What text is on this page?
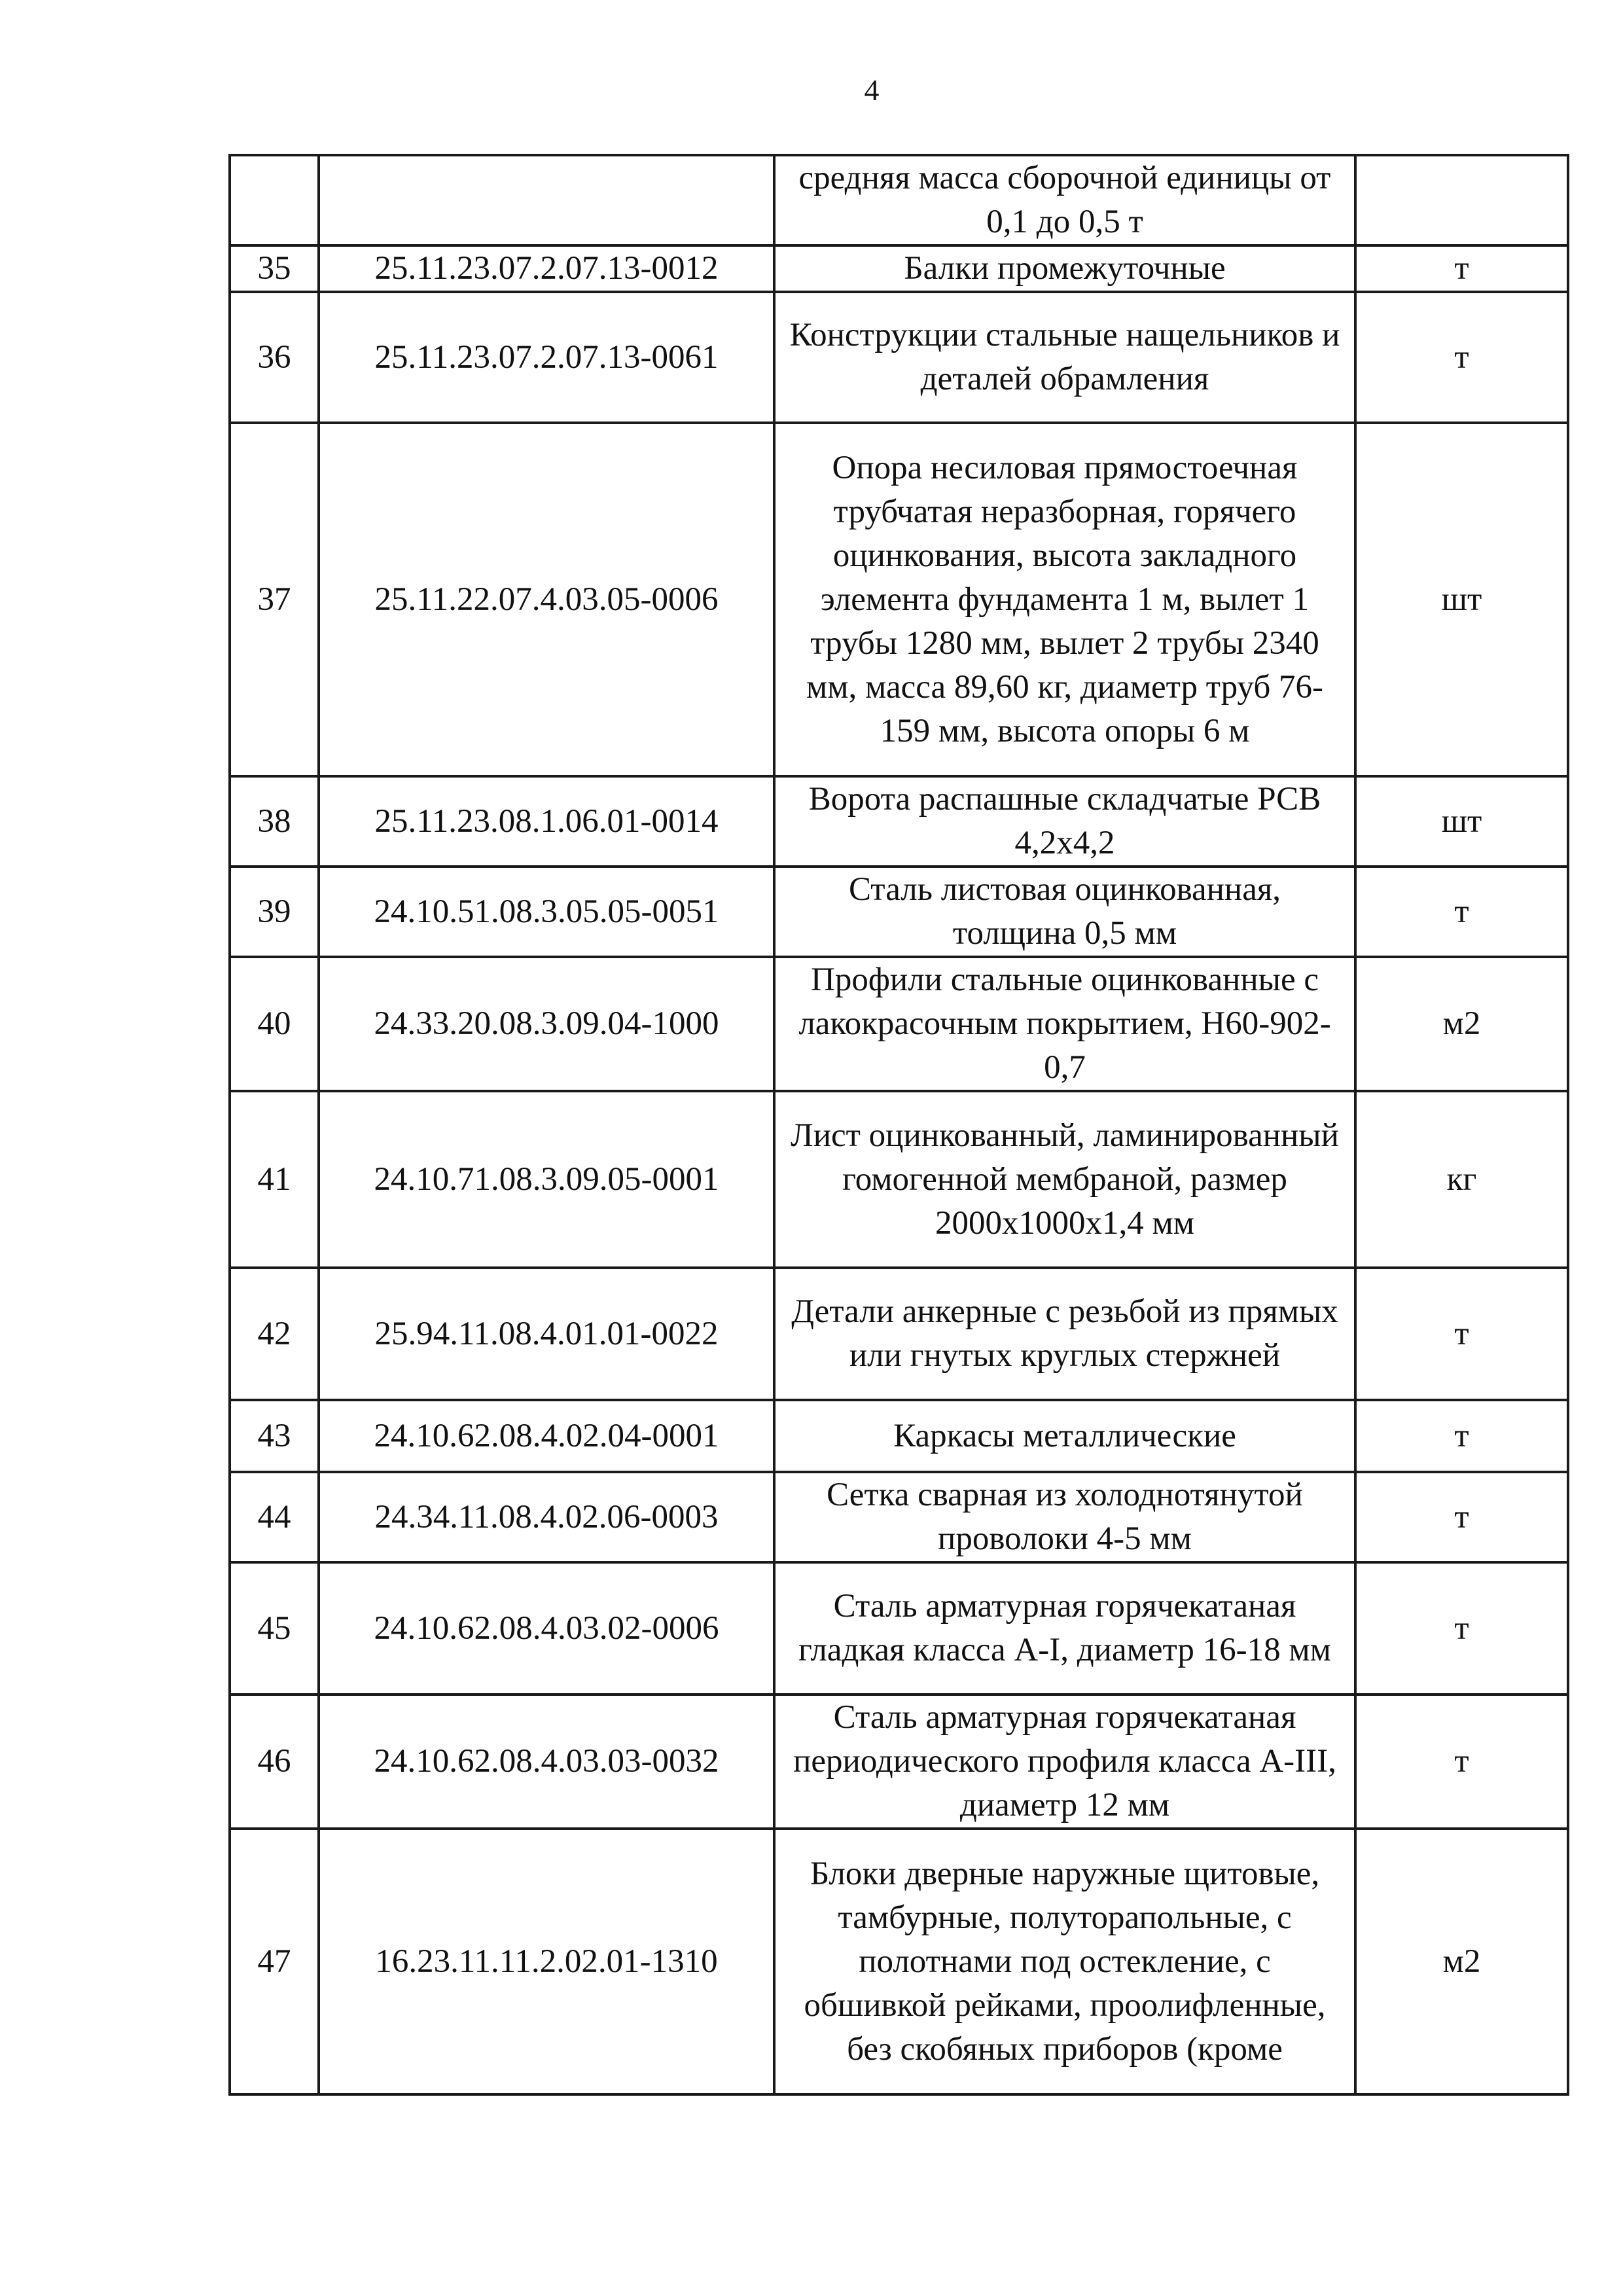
4
		средняя масса сборочной единицы от 0,1 до 0,5 т	
35	25.11.23.07.2.07.13-0012	Балки промежуточные	т
36	25.11.23.07.2.07.13-0061	Конструкции стальные нащельников и деталей обрамления	т
37	25.11.22.07.4.03.05-0006	Опора несиловая прямостоечная трубчатая неразборная, горячего оцинкования, высота закладного элемента фундамента 1 м, вылет 1 трубы 1280 мм, вылет 2 трубы 2340 мм, масса 89,60 кг, диаметр труб 76-159 мм, высота опоры 6 м	шт
38	25.11.23.08.1.06.01-0014	Ворота распашные складчатые РСВ 4,2х4,2	шт
39	24.10.51.08.3.05.05-0051	Сталь листовая оцинкованная, толщина 0,5 мм	т
40	24.33.20.08.3.09.04-1000	Профили стальные оцинкованные с лакокрасочным покрытием, Н60-902-0,7	м2
41	24.10.71.08.3.09.05-0001	Лист оцинкованный, ламинированный гомогенной мембраной, размер 2000х1000х1,4 мм	кг
42	25.94.11.08.4.01.01-0022	Детали анкерные с резьбой из прямых или гнутых круглых стержней	т
43	24.10.62.08.4.02.04-0001	Каркасы металлические	т
44	24.34.11.08.4.02.06-0003	Сетка сварная из холоднотянутой проволоки 4-5 мм	т
45	24.10.62.08.4.03.02-0006	Сталь арматурная горячекатаная гладкая класса A-I, диаметр 16-18 мм	т
46	24.10.62.08.4.03.03-0032	Сталь арматурная горячекатаная периодического профиля класса A-III, диаметр 12 мм	т
47	16.23.11.11.2.02.01-1310	Блоки дверные наружные щитовые, тамбурные, полуторапольные, с полотнами под остекление, с обшивкой рейками, проолифленные, без скобяных приборов (кроме	м2
